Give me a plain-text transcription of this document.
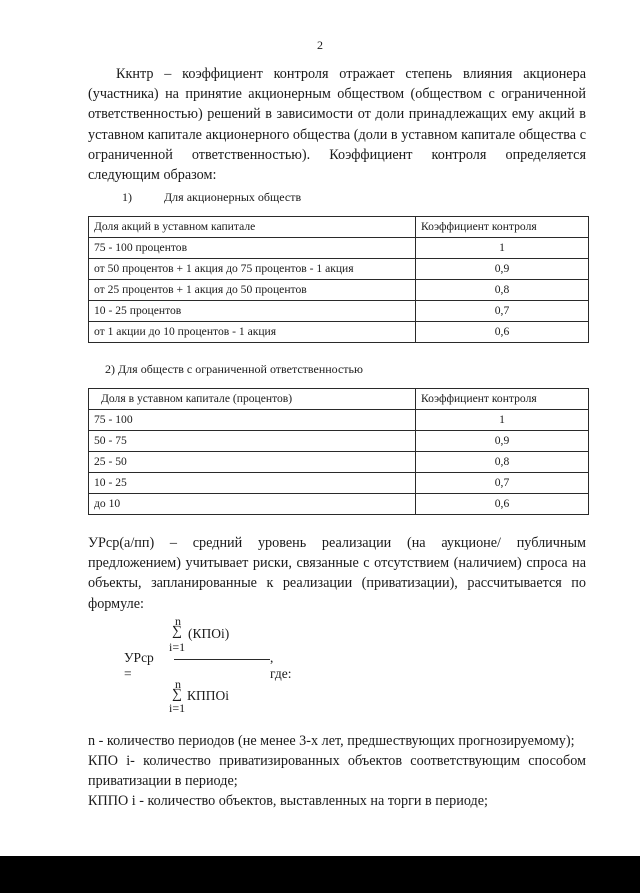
2

Ккнтр – коэффициент контроля отражает степень влияния акционера (участника) на принятие акционерным обществом (обществом с ограниченной ответственностью) решений в зависимости от доли принадлежащих ему акций в уставном капитале акционерного общества (доли в уставном капитале общества с ограниченной ответственностью). Коэффициент контроля определяется следующим образом:

1)	Для акционерных обществ
Доля акций в уставном капитале	Коэффициент контроля
75 - 100 процентов	1
от 50 процентов + 1 акция до 75 процентов - 1 акция	0,9
от 25 процентов + 1 акция до 50 процентов	0,8
10 - 25 процентов	0,7
от 1 акции до 10 процентов - 1 акция	0,6
2) Для обществ с ограниченной ответственностью
Доля в уставном капитале (процентов)	Коэффициент контроля
75 - 100	1
50 - 75	0,9
25 - 50	0,8
10 - 25	0,7
до 10	0,6

УРср(а/пп) – средний уровень реализации (на аукционе/ публичным предложением) учитывает риски, связанные с отсутствием (наличием) спроса на объекты, запланированные к реализации (приватизации), рассчитывается по формуле:

n
∑ (КПОi)
i=1
УРср =
, где:
n
∑ КППОi
i=1

n - количество периодов (не менее 3-х лет, предшествующих прогнозируемому);

КПО i- количество приватизированных объектов соответствующим способом приватизации в периоде;

КППО i - количество объектов, выставленных на торги в периоде;
